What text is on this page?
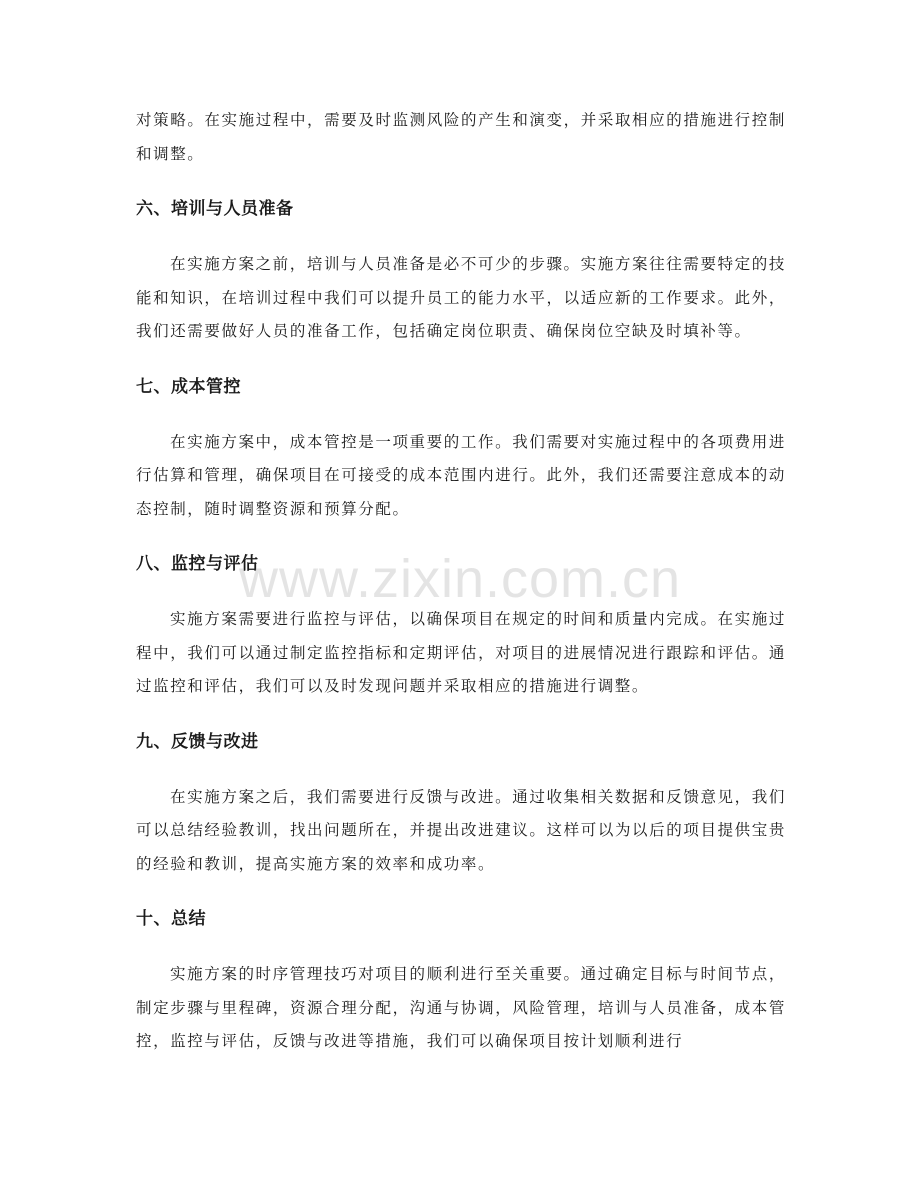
对策略。在实施过程中，需要及时监测风险的产生和演变，并采取相应的措施进行控制和调整。

六、培训与人员准备

在实施方案之前，培训与人员准备是必不可少的步骤。实施方案往往需要特定的技能和知识，在培训过程中我们可以提升员工的能力水平，以适应新的工作要求。此外，我们还需要做好人员的准备工作，包括确定岗位职责、确保岗位空缺及时填补等。

七、成本管控

在实施方案中，成本管控是一项重要的工作。我们需要对实施过程中的各项费用进行估算和管理，确保项目在可接受的成本范围内进行。此外，我们还需要注意成本的动态控制，随时调整资源和预算分配。

八、监控与评估

实施方案需要进行监控与评估，以确保项目在规定的时间和质量内完成。在实施过程中，我们可以通过制定监控指标和定期评估，对项目的进展情况进行跟踪和评估。通过监控和评估，我们可以及时发现问题并采取相应的措施进行调整。

九、反馈与改进

在实施方案之后，我们需要进行反馈与改进。通过收集相关数据和反馈意见，我们可以总结经验教训，找出问题所在，并提出改进建议。这样可以为以后的项目提供宝贵的经验和教训，提高实施方案的效率和成功率。

十、总结

实施方案的时序管理技巧对项目的顺利进行至关重要。通过确定目标与时间节点，制定步骤与里程碑，资源合理分配，沟通与协调，风险管理，培训与人员准备，成本管控，监控与评估，反馈与改进等措施，我们可以确保项目按计划顺利进行

www.zixin.com.cn
